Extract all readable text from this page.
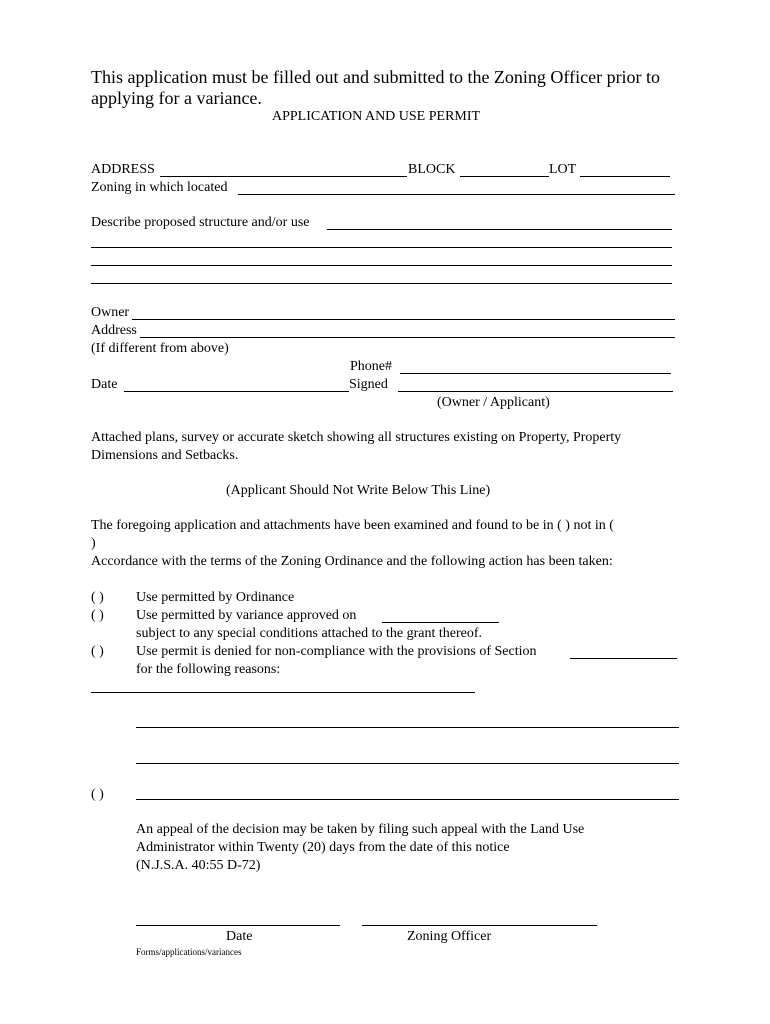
This application must be filled out and submitted to the Zoning Officer prior to
applying for a variance.
APPLICATION AND USE PERMIT
ADDRESS	BLOCK	LOT
Zoning in which located
Describe proposed structure and/or use
Owner
Address
(If different from above)
Phone#
Date	Signed
(Owner / Applicant)
Attached plans, survey or accurate sketch showing all structures existing on Property, Property
Dimensions and Setbacks.
(Applicant Should Not Write Below This Line)
The foregoing application and attachments have been examined and found to be in ( ) not in (
)
Accordance with the terms of the Zoning Ordinance and the following action has been taken:
( ) Use permitted by Ordinance
( ) Use permitted by variance approved on
subject to any special conditions attached to the grant thereof.
( ) Use permit is denied for non-compliance with the provisions of Section
for the following reasons:
( )
An appeal of the decision may be taken by filing such appeal with the Land Use
Administrator within Twenty (20) days from the date of this notice
(N.J.S.A. 40:55 D-72)
Date	Zoning Officer
Forms/applications/variances
